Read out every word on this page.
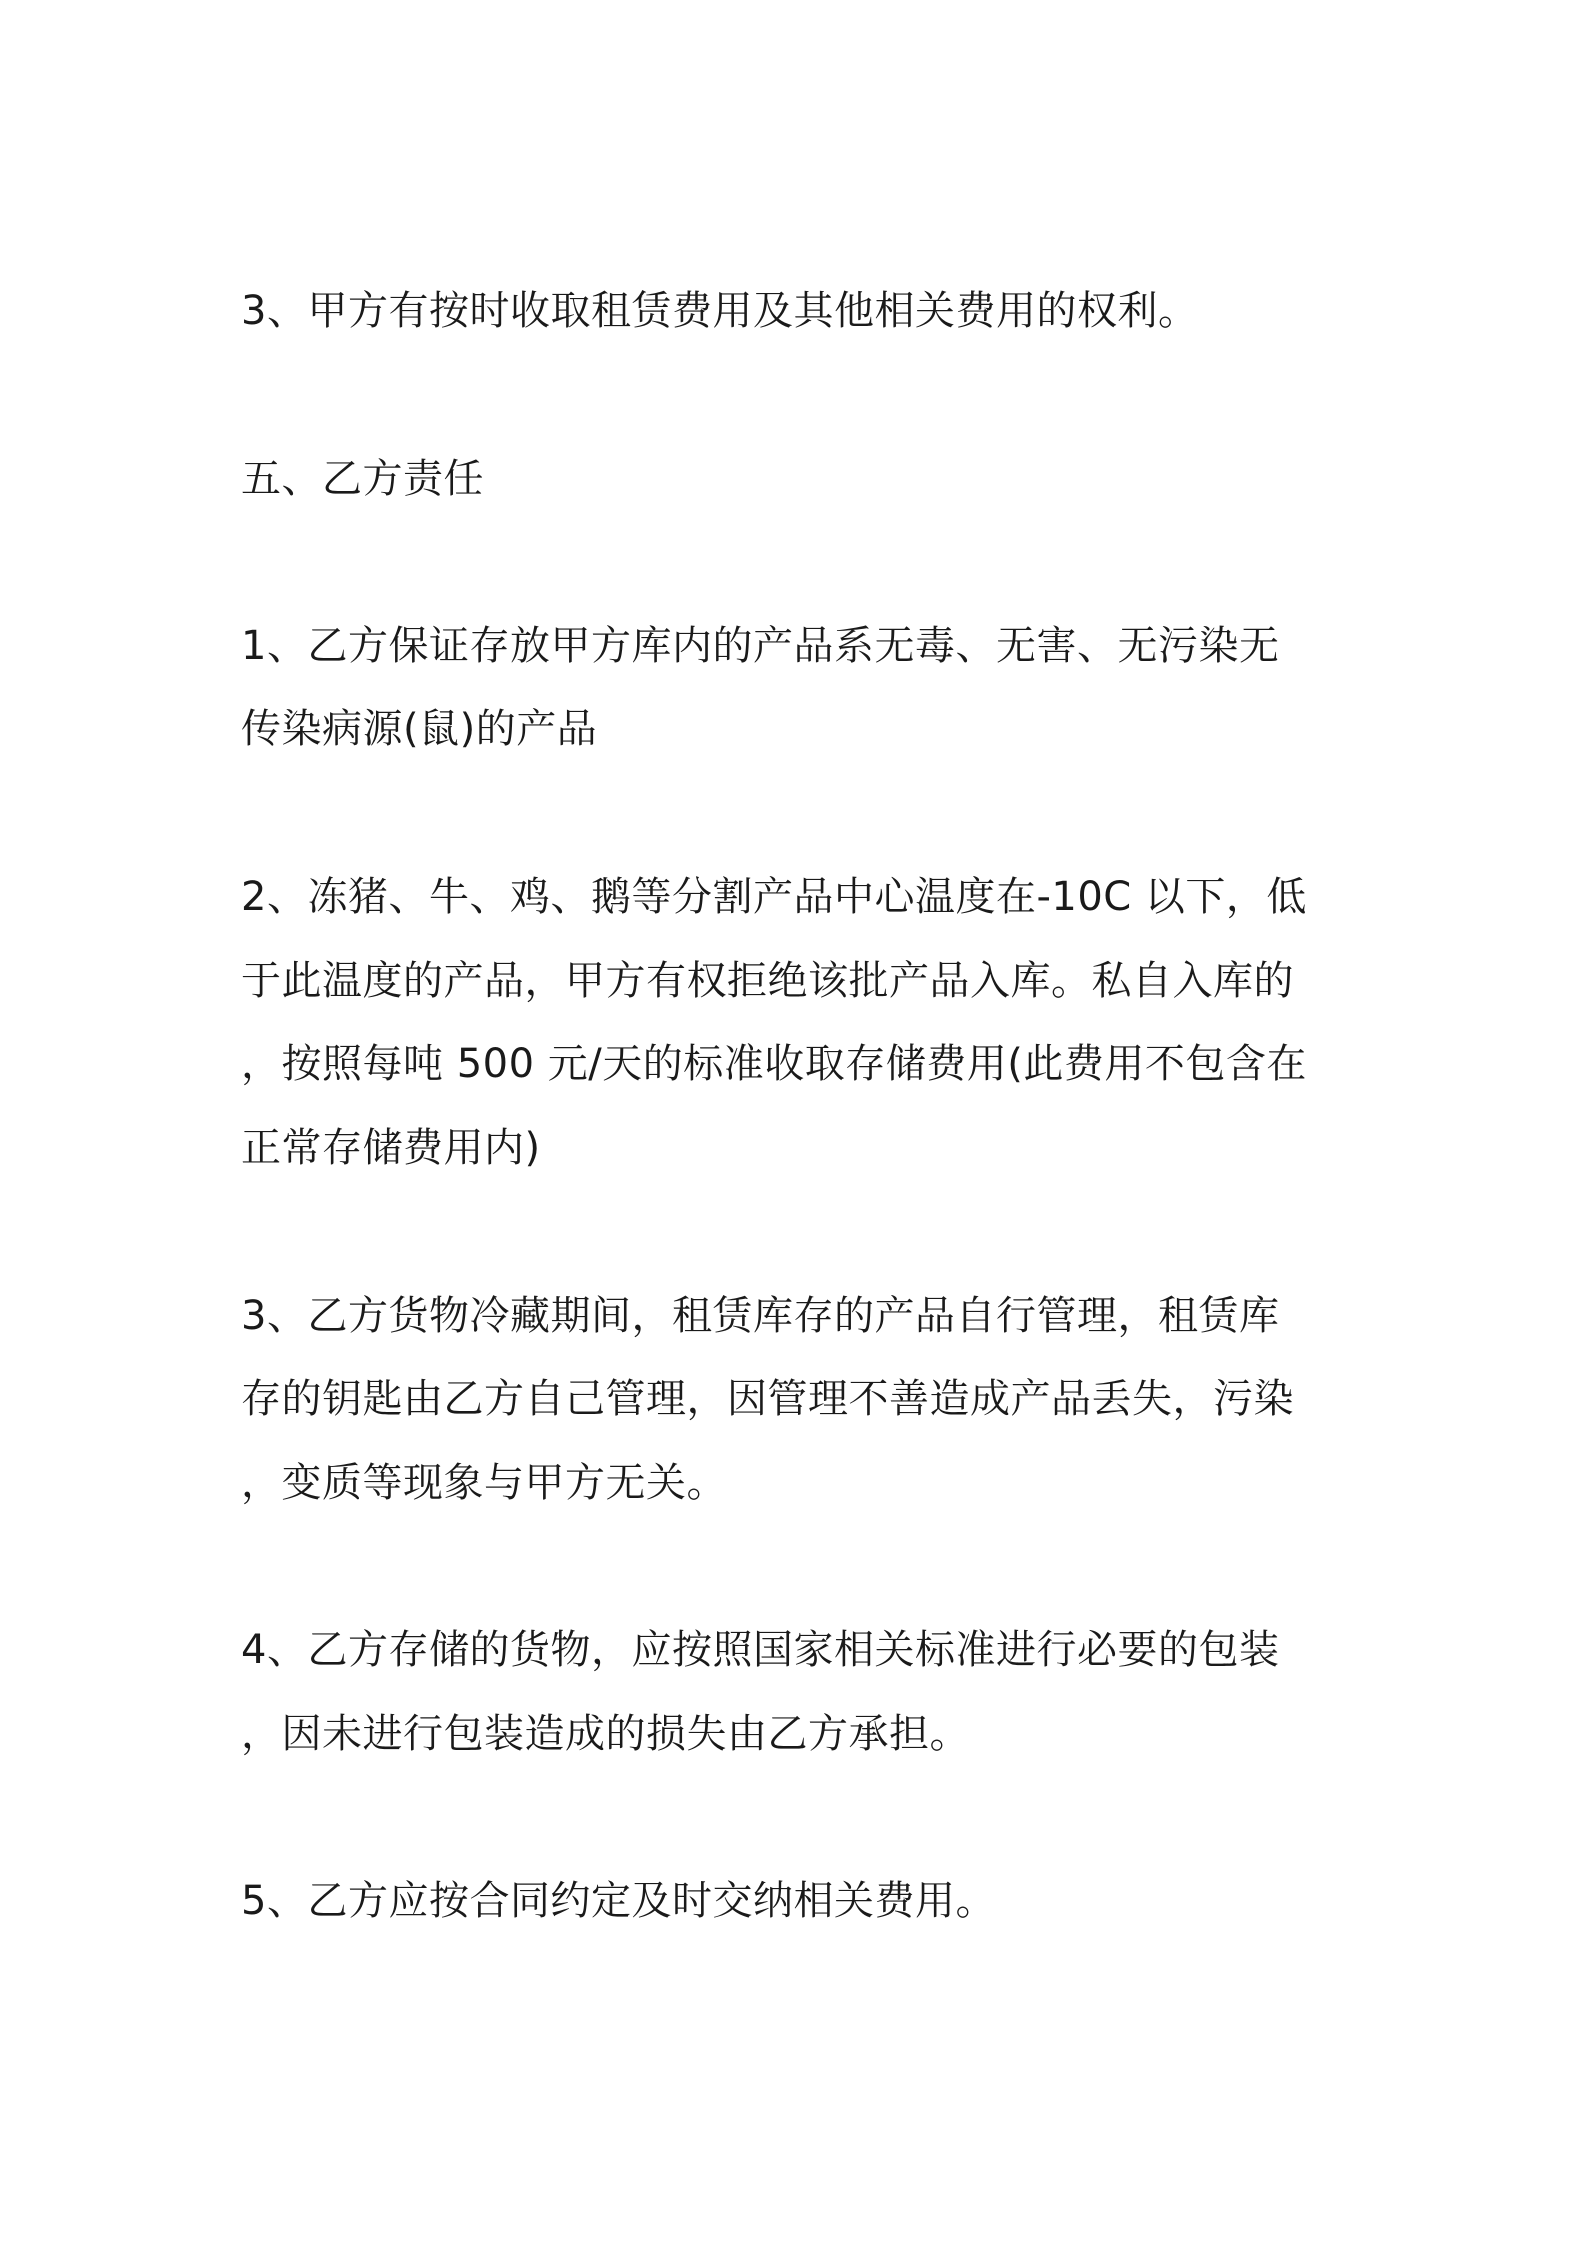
3、甲方有按时收取租赁费用及其他相关费用的权利。
五、乙方责任
1、乙方保证存放甲方库内的产品系无毒、无害、无污染无
传染病源(鼠)的产品
2、冻猪、牛、鸡、鹅等分割产品中心温度在-10C 以下，低
于此温度的产品，甲方有权拒绝该批产品入库。私自入库的
，按照每吨 500 元/天的标准收取存储费用(此费用不包含在
正常存储费用内)
3、乙方货物冷藏期间，租赁库存的产品自行管理，租赁库
存的钥匙由乙方自己管理，因管理不善造成产品丢失，污染
，变质等现象与甲方无关。
4、乙方存储的货物，应按照国家相关标准进行必要的包装
，因未进行包装造成的损失由乙方承担。
5、乙方应按合同约定及时交纳相关费用。
